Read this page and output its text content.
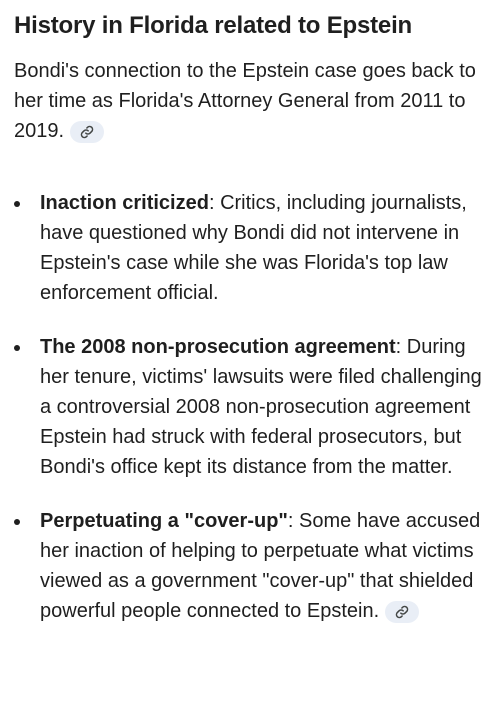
History in Florida related to Epstein

Bondi's connection to the Epstein case goes back to her time as Florida's Attorney General from 2011 to 2019.

Inaction criticized: Critics, including journalists, have questioned why Bondi did not intervene in Epstein's case while she was Florida's top law enforcement official.
The 2008 non-prosecution agreement: During her tenure, victims' lawsuits were filed challenging a controversial 2008 non-prosecution agreement Epstein had struck with federal prosecutors, but Bondi's office kept its distance from the matter.
Perpetuating a "cover-up": Some have accused her inaction of helping to perpetuate what victims viewed as a government "cover-up" that shielded powerful people connected to Epstein.
